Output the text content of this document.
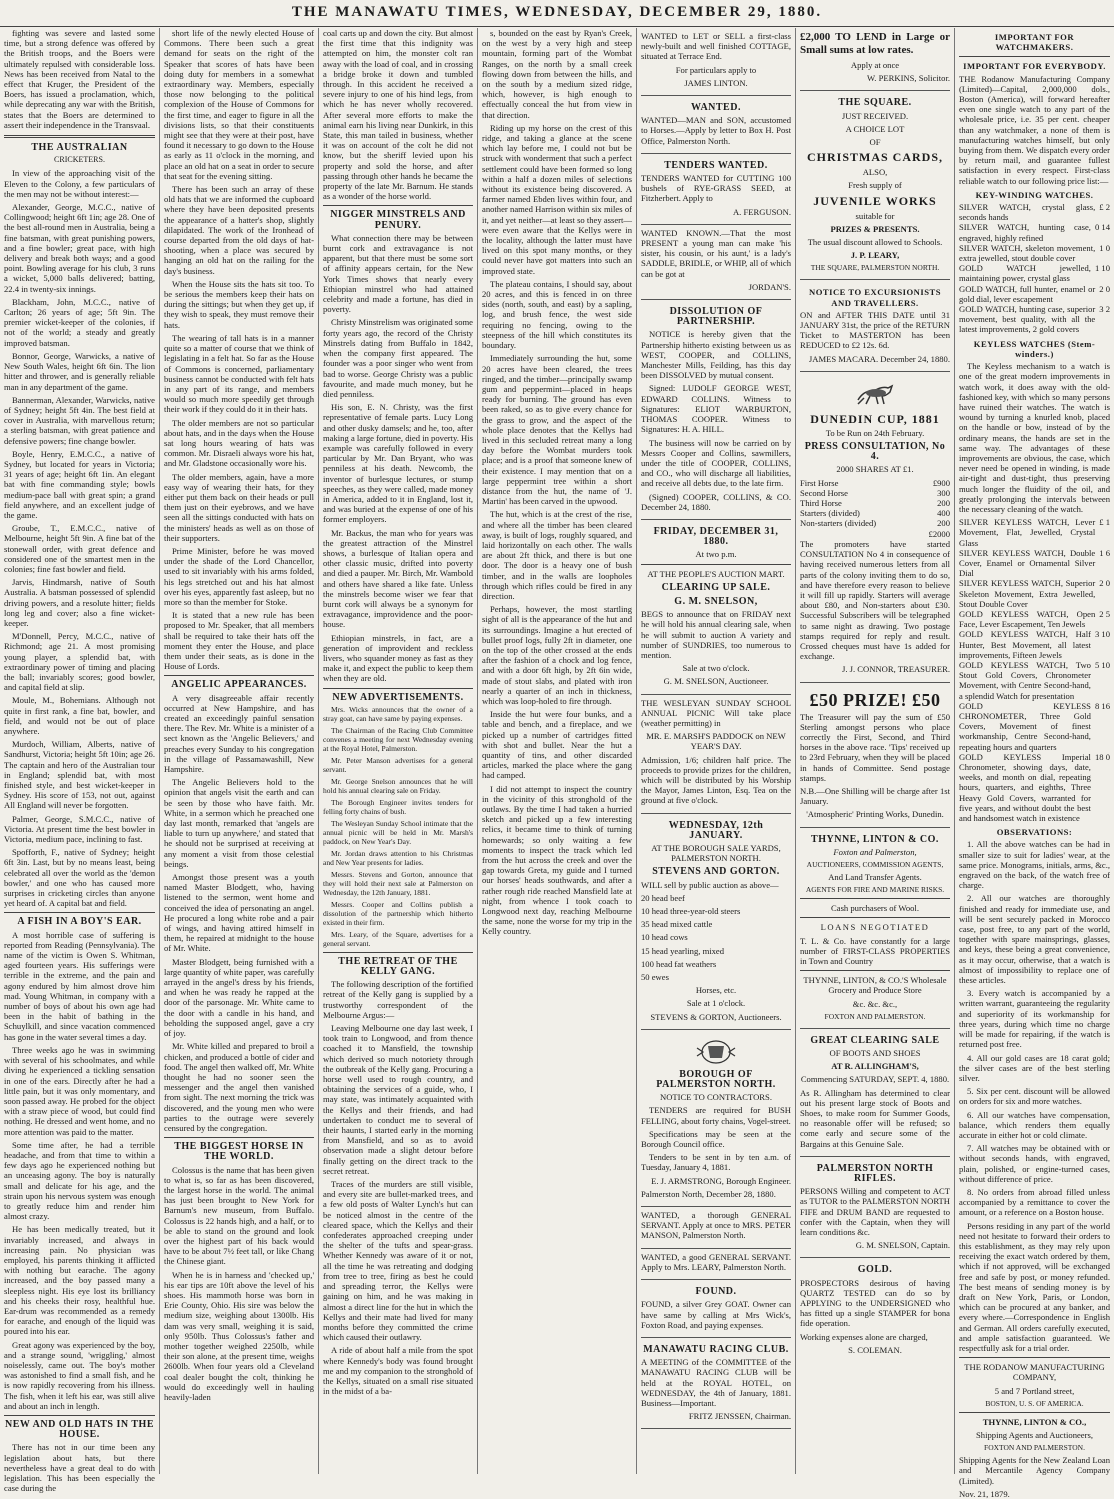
THE MANAWATU TIMES, WEDNESDAY, DECEMBER 29, 1880.

fighting was severe and lasted some time, but a strong defence was offered by the British troops, and the Boers were ultimately repulsed with considerable loss. News has been received from Natal to the effect that Kruger, the President of the Boers, has issued a proclamation, which, while deprecating any war with the British, states that the Boers are determined to assert their independence in the Transvaal.

THE AUSTRALIAN
CRICKETERS.

In view of the approaching visit of the Eleven to the Colony, a few particulars of the men may not be without interest:—

Alexander, George, M.C.C., native of Collingwood; height 6ft 1in; age 28. One of the best all-round men in Australia, being a fine batsman, with great punishing powers, and a fine bowler; great pace, with high delivery and break both ways; and a good point. Bowling average for his club, 3 runs a wicket, 5,000 balls delivered; batting, 22.4 in twenty-six innings.

Blackham, John, M.C.C., native of Carlton; 26 years of age; 5ft 9in. The premier wicket-keeper of the colonies, if not of the world; a steady and greatly improved batsman.

Bonnor, George, Warwicks, a native of New South Wales, height 6ft 6in. The lion hitter and thrower, and is generally reliable man in any department of the game.

Bannerman, Alexander, Warwicks, native of Sydney; height 5ft 4in. The best field at cover in Australia, with marvellous return; a sterling batsman, with great patience and defensive powers; fine change bowler.

Boyle, Henry, E.M.C.C., a native of Sydney, but located for years in Victoria; 31 years of age; height 6ft 1in. An elegant bat with fine commanding style; bowls medium-pace ball with great spin; a grand field anywhere, and an excellent judge of the game.

Groube, T., E.M.C.C., native of Melbourne, height 5ft 9in. A fine bat of the stonewall order, with great defence and considered one of the smartest men in the colonies; fine fast bowler and field.

Jarvis, Hindmarsh, native of South Australia. A batsman possessed of splendid driving powers, and a resolute hitter; fields long leg and cover; also a fine wicket-keeper.

M'Donnell, Percy, M.C.C., native of Richmond; age 21. A most promising young player, a splendid bat, with extraordinary power of timing and placing the ball; invariably scores; good bowler, and capital field at slip.

Moule, M., Bohemians. Although not quite in first rank, a fine bat, bowler, and field, and would not be out of place anywhere.

Murdoch, William, Alberts, native of Sandhurst, Victoria; height 5ft 10in; age 26. The captain and hero of the Australian tour in England; splendid bat, with most finished style, and best wicket-keeper in Sydney. His score of 153, not out, against All England will never be forgotten.

Palmer, George, S.M.C.C., native of Victoria. At present time the best bowler in Victoria, medium pace, inclining to fast.

Spofforth, F., native of Sydney; height 6ft 3in. Last, but by no means least, being celebrated all over the world as the 'demon bowler,' and one who has caused more surprises in cricketing circles than anyone yet heard of. A capital bat and field.

A FISH IN A BOY'S EAR.

A most horrible case of suffering is reported from Reading (Pennsylvania). The name of the victim is Owen S. Whitman, aged fourteen years. His sufferings were terrible in the extreme, and the pain and agony endured by him almost drove him mad. Young Whitman, in company with a number of boys of about his own age had been in the habit of bathing in the Schuylkill, and since vacation commenced has gone in the water several times a day.

Three weeks ago he was in swimming with several of his schoolmates, and while diving he experienced a tickling sensation in one of the ears. Directly after he had a little pain, but it was only momentary, and soon passed away. He probed for the object with a straw piece of wood, but could find nothing. He dressed and went home, and no more attention was paid to the matter.

Some time after, he had a terrible headache, and from that time to within a few days ago he experienced nothing but an unceasing agony. The boy is naturally small and delicate for his age, and the strain upon his nervous system was enough to greatly reduce him and render him almost crazy.

He has been medically treated, but it invariably increased, and always in increasing pain. No physician was employed, his parents thinking it afflicted with nothing but earache. The agony increased, and the boy passed many a sleepless night. His eye lost its brilliancy and his cheeks their rosy, healthful hue. Ear-drum was recommended as a remedy for earache, and enough of the liquid was poured into his ear.

Great agony was experienced by the boy, and a strange sound, 'wriggling,' almost noiselessly, came out. The boy's mother was astonished to find a small fish, and he is now rapidly recovering from his illness. The fish, when it left his ear, was still alive and about an inch in length.

NEW AND OLD HATS IN THE HOUSE.

There has not in our time been any legislation about hats, but there nevertheless have a great deal to do with legislation. This has been especially the case during the

short life of the newly elected House of Commons. There been such a great demand for seats on the right of the Speaker that scores of hats have been doing duty for members in a somewhat extraordinary way. Members, especially those now belonging to the political complexion of the House of Commons for the first time, and eager to figure in all the divisions lists, so that their constituents might see that they were at their post, have found it necessary to go down to the House as early as 11 o'clock in the morning, and place an old hat on a seat in order to secure that seat for the evening sitting.

There has been such an array of these old hats that we are informed the cupboard where they have been deposited presents the appearance of a hatter's shop, slightly dilapidated. The work of the Ironhead of course departed from the old days of hat-shooting, when a place was secured by hanging an old hat on the railing for the day's business.

When the House sits the hats sit too. To be serious the members keep their hats on during the sittings; but when they get up, if they wish to speak, they must remove their hats.

The wearing of tall hats is in a manner quite so a matter of course that we think of legislating in a felt hat. So far as the House of Commons is concerned, parliamentary business cannot be conducted with felt hats in any part of its range, and members would so much more speedily get through their work if they could do it in their hats.

The older members are not so particular about hats, and in the days when the House sat long hours wearing of hats was common. Mr. Disraeli always wore his hat, and Mr. Gladstone occasionally wore his.

The older members, again, have a more easy way of wearing their hats, for they either put them back on their heads or pull them just on their eyebrows, and we have seen all the sittings conducted with hats on the ministers' heads as well as on those of their supporters.

Prime Minister, before he was moved under the shade of the Lord Chancellor, used to sit invariably with his arms folded, his legs stretched out and his hat almost over his eyes, apparently fast asleep, but no more so than the member for Stoke.

It is stated that a new rule has been proposed to Mr. Speaker, that all members shall be required to take their hats off the moment they enter the House, and place them under their seats, as is done in the House of Lords.

ANGELIC APPEARANCES.

A very disagreeable affair recently occurred at New Hampshire, and has created an exceedingly painful sensation there. The Rev. Mr. White is a minister of a sect known as the 'Angelic Believers,' and preaches every Sunday to his congregation in the village of Passamawashill, New Hampshire.

The Angelic Believers hold to the opinion that angels visit the earth and can be seen by those who have faith. Mr. White, in a sermon which he preached one day last month, remarked that 'angels are liable to turn up anywhere,' and stated that he should not be surprised at receiving at any moment a visit from those celestial beings.

Amongst those present was a youth named Master Blodgett, who, having listened to the sermon, went home and conceived the idea of personating an angel. He procured a long white robe and a pair of wings, and having attired himself in them, he repaired at midnight to the house of Mr. White.

Master Blodgett, being furnished with a large quantity of white paper, was carefully arrayed in the angel's dress by his friends, and when he was ready he rapped at the door of the parsonage. Mr. White came to the door with a candle in his hand, and beholding the supposed angel, gave a cry of joy.

Mr. White killed and prepared to broil a chicken, and produced a bottle of cider and food. The angel then walked off, Mr. White thought he had no sooner seen the messenger and the angel then vanished from sight. The next morning the trick was discovered, and the young men who were parties to the outrage were severely censured by the congregation.

THE BIGGEST HORSE IN THE WORLD.

Colossus is the name that has been given to what is, so far as has been discovered, the largest horse in the world. The animal has just been brought to New York for Barnum's new museum, from Buffalo. Colossus is 22 hands high, and a half, or to be able to stand on the ground and look over the highest part of his back would have to be about 7½ feet tall, or like Chang the Chinese giant.

When he is in harness and 'checked up,' his ear tips are 10ft above the level of his shoes. His mammoth horse was born in Erie County, Ohio. His sire was below the medium size, weighing about 1300lb. His dam was very small, weighing it is said, only 950lb. Thus Colossus's father and mother together weighed 2250lb, while their son alone, at the present time, weighs 2600lb. When four years old a Cleveland coal dealer bought the colt, thinking he would do exceedingly well in hauling heavily-laden

coal carts up and down the city. But almost the first time that this indignity was attempted on him, the monster colt ran away with the load of coal, and in crossing a bridge broke it down and tumbled through. In this accident he received a severe injury to one of his hind legs, from which he has never wholly recovered. After several more efforts to make the animal earn his living near Dunkirk, in this State, this man tailed in business, whether it was on account of the colt he did not know, but the sheriff levied upon his property and sold the horse, and after passing through other hands he became the property of the late Mr. Barnum. He stands as a wonder of the horse world.

NIGGER MINSTRELS AND PENURY.

What connection there may be between burnt cork and extravagance is not apparent, but that there must be some sort of affinity appears certain, for the New York Times shows that nearly every Ethiopian minstrel who had attained celebrity and made a fortune, has died in poverty.

Christy Minstrelism was originated some forty years ago, the record of the Christy Minstrels dating from Buffalo in 1842, when the company first appeared. The founder was a poor singer who went from bad to worse. George Christy was a public favourite, and made much money, but he died penniless.

His son, E. N. Christy, was the first representative of female parts. Lucy Long and other dusky damsels; and he, too, after making a large fortune, died in poverty. His example was carefully followed in every particular by Mr. Dan Bryant, who was penniless at his death. Newcomb, the inventor of burlesque lectures, or stump speeches, as they were called, made money in America, added to it in England, lost it, and was buried at the expense of one of his former employers.

Mr. Backus, the man who for years was the greatest attraction of the Minstrel shows, a burlesque of Italian opera and other classic music, drifted into poverty and died a pauper. Mr. Birch, Mr. Wambold and others have shared a like fate. Unless the minstrels become wiser we fear that burnt cork will always be a synonym for extravagance, improvidence and the poor-house.

Ethiopian minstrels, in fact, are a generation of improvident and reckless livers, who squander money as fast as they make it, and expect the public to keep them when they are old.

NEW ADVERTISEMENTS.

Mrs. Wicks announces that the owner of a stray goat, can have same by paying expenses.

The Chairman of the Racing Club Committee convenes a meeting for next Wednesday evening at the Royal Hotel, Palmerston.

Mr. Peter Manson advertises for a general servant.

Mr. George Snelson announces that he will hold his annual clearing sale on Friday.

The Borough Engineer invites tenders for felling forty chains of bush.

The Wesleyan Sunday School intimate that the annual picnic will be held in Mr. Marsh's paddock, on New Year's Day.

Mr. Jordan draws attention to his Christmas and New Year presents for ladies.

Messrs. Stevens and Gorton, announce that they will hold their next sale at Palmerston on Wednesday, the 12th January, 1881.

Messrs. Cooper and Collins publish a dissolution of the partnership which hitherto existed in their firm.

Mrs. Leary, of the Square, advertises for a general servant.

THE RETREAT OF THE KELLY GANG.

The following description of the fortified retreat of the Kelly gang is supplied by a trustworthy correspondent of the Melbourne Argus:—

Leaving Melbourne one day last week, I took train to Longwood, and from thence coached it to Mansfield, the township which derived so much notoriety through the outbreak of the Kelly gang. Procuring a horse well used to rough country, and obtaining the services of a guide, who, I may state, was intimately acquainted with the Kellys and their friends, and had undertaken to conduct me to several of their haunts, I started early in the morning from Mansfield, and so as to avoid observation made a slight detour before finally getting on the direct track to the secret retreat.

Traces of the murders are still visible, and every site are bullet-marked trees, and a few old posts of Walter Lynch's hut can be noticed almost in the centre of the cleared space, which the Kellys and their confederates approached creeping under the shelter of the tufts and spear-grass. Whether Kennedy was aware of it or not, all the time he was retreating and dodging from tree to tree, firing as best he could and spreading terror, the Kellys were gaining on him, and he was making in almost a direct line for the hut in which the Kellys and their mate had lived for many months before they committed the crime which caused their outlawry.

A ride of about half a mile from the spot where Kennedy's body was found brought me and my companion to the stronghold of the Kellys, situated on a small rise situated in the midst of a ba-

s, bounded on the east by Ryan's Creek, on the west by a very high and steep mountain, forming part of the Wombat Ranges, on the north by a small creek flowing down from between the hills, and on the south by a medium sized ridge, which, however, is high enough to effectually conceal the hut from view in that direction.

Riding up my horse on the crest of this ridge, and taking a glance at the scene which lay before me, I could not but be struck with wonderment that such a perfect settlement could have been formed so long within a half a dozen miles of selections without its existence being discovered. A farmer named Ebden lives within four, and another named Harrison within six miles of it, and yet neither—at least so they assert—were even aware that the Kellys were in the locality, although the latter must have lived on this spot many months, or they could never have got matters into such an improved state.

The plateau contains, I should say, about 20 acres, and this is fenced in on three sides (north, south, and east) by a sapling, log, and brush fence, the west side requiring no fencing, owing to the steepness of the hill which constitutes its boundary.

Immediately surrounding the hut, some 20 acres have been cleared, the trees ringed, and the timber—principally swamp gum and peppermint—placed in heaps ready for burning. The ground has even been raked, so as to give every chance for the grass to grow, and the aspect of the whole place denotes that the Kellys had lived in this secluded retreat many a long day before the Wombat murders took place; and is a proof that someone knew of their existence. I may mention that on a large peppermint tree within a short distance from the hut, the name of 'J. Martin' has been carved in the upwood.

The hut, which is at the crest of the rise, and where all the timber has been cleared away, is built of logs, roughly squared, and laid horizontally on each other. The walls are about 2ft thick, and there is but one door. The door is a heavy one of bush timber, and in the walls are loopholes through which rifles could be fired in any direction.

Perhaps, however, the most startling sight of all is the appearance of the hut and its surroundings. Imagine a hut erected of bullet proof logs, fully 2ft in diameter, one on the top of the other crossed at the ends after the fashion of a chock and log fence, and with a door 6ft high, by 2ft 6in wide, made of stout slabs, and plated with iron nearly a quarter of an inch in thickness, which was loop-holed to fire through.

Inside the hut were four bunks, and a table and bench, and a fireplace, and we picked up a number of cartridges fitted with shot and bullet. Near the hut a quantity of tins, and other discarded articles, marked the place where the gang had camped.

I did not attempt to inspect the country in the vicinity of this stronghold of the outlaws. By the time I had taken a hurried sketch and picked up a few interesting relics, it became time to think of turning homewards; so only waiting a few moments to inspect the track which led from the hut across the creek and over the gap towards Greta, my guide and I turned our horses' heads southwards, and after a rather rough ride reached Mansfield late at night, from whence I took coach to Longwood next day, reaching Melbourne the same, none the worse for my trip in the Kelly country.

WANTED to LET or SELL a first-class newly-built and well finished COTTAGE, situated at Terrace End.

For particulars apply to

JAMES LINTON.

WANTED.

WANTED—MAN and SON, accustomed to Horses.—Apply by letter to Box H. Post Office, Palmerston North.

TENDERS WANTED.

TENDERS WANTED for CUTTING 100 bushels of RYE-GRASS SEED, at Fitzherbert. Apply to

A. FERGUSON.

WANTED KNOWN.—That the most PRESENT a young man can make 'his sister, his cousin, or his aunt,' is a lady's SADDLE, BRIDLE, or WHIP, all of which can be got at

JORDAN'S.

DISSOLUTION OF PARTNERSHIP.

NOTICE is hereby given that the Partnership hitherto existing between us as WEST, COOPER, and COLLINS, Manchester Mills, Feilding, has this day been DISSOLVED by mutual consent.

Signed: LUDOLF GEORGE WEST, EDWARD COLLINS. Witness to Signatures: ELIOT WARBURTON, THOMAS COOPER. Witness to Signatures: H. A. HILL.

The business will now be carried on by Messrs Cooper and Collins, sawmillers, under the title of COOPER, COLLINS, and CO., who will discharge all liabilities, and receive all debts due, to the late firm.

(Signed) COOPER, COLLINS, & CO. December 24, 1880.

FRIDAY, DECEMBER 31, 1880.

At two p.m.

AT THE PEOPLE'S AUCTION MART.

CLEARING UP SALE.
G. M. SNELSON,

BEGS to announce that on FRIDAY next he will hold his annual clearing sale, when he will submit to auction A variety and number of SUNDRIES, too numerous to mention.

Sale at two o'clock.

G. M. SNELSON, Auctioneer.

THE WESLEYAN SUNDAY SCHOOL ANNUAL PICNIC Will take place (weather permitting) in

MR. E. MARSH'S PADDOCK on NEW YEAR'S DAY.

Admission, 1/6; children half price. The proceeds to provide prizes for the children, which will be distributed by his Worship the Mayor, James Linton, Esq. Tea on the ground at five o'clock.

WEDNESDAY, 12th JANUARY.

AT THE BOROUGH SALE YARDS, PALMERSTON NORTH.

STEVENS AND GORTON.

WILL sell by public auction as above—

20 head beef

10 head three-year-old steers

35 head mixed cattle

10 head cows

15 head yearling, mixed

100 head fat weathers

50 ewes

Horses, etc.

Sale at 1 o'clock.

STEVENS & GORTON, Auctioneers.

BOROUGH OF PALMERSTON NORTH.

NOTICE TO CONTRACTORS.

TENDERS are required for BUSH FELLING, about forty chains, Vogel-street.

Specifications may be seen at the Borough Council office.

Tenders to be sent in by ten a.m. of Tuesday, January 4, 1881.

E. J. ARMSTRONG, Borough Engineer.

Palmerston North, December 28, 1880.

WANTED, a thorough GENERAL SERVANT. Apply at once to MRS. PETER MANSON, Palmerston North.

WANTED, a good GENERAL SERVANT. Apply to Mrs. LEARY, Palmerston North.

FOUND.

FOUND, a silver Grey GOAT. Owner can have same by calling at Mrs Wick's, Foxton Road, and paying expenses.

MANAWATU RACING CLUB.

A MEETING of the COMMITTEE of the MANAWATU RACING CLUB will be held at the ROYAL HOTEL, on WEDNESDAY, the 4th of January, 1881. Business—Important.

FRITZ JENSSEN, Chairman.

£2,000 TO LEND in Large or Small sums at low rates.

Apply at once

W. PERKINS, Solicitor.

THE SQUARE.

JUST RECEIVED.

A CHOICE LOT

OF

CHRISTMAS CARDS,

ALSO,

Fresh supply of

JUVENILE WORKS

suitable for

PRIZES & PRESENTS.

The usual discount allowed to Schools.

J. P. LEARY,

THE SQUARE, PALMERSTON NORTH.

NOTICE TO EXCURSIONISTS AND TRAVELLERS.

ON and AFTER THIS DATE until 31 JANUARY 31st, the price of the RETURN Ticket to MASTERTON has been REDUCED to £2 12s. 6d.

JAMES MACARA. December 24, 1880.

DUNEDIN CUP, 1881

To be Run on 24th February.

PRESS CONSULTATION, No 4.

2000 SHARES AT £1.

First Horse	£900
Second Horse	300
Third Horse	200
Starters (divided)	400
Non-starters (divided)	200
£2000

The promoters have started CONSULTATION No 4 in consequence of having received numerous letters from all parts of the colony inviting them to do so, and have therefore every reason to believe it will fill up rapidly. Starters will average about £80, and Non-starters about £30. Successful Subscribers will be telegraphed to same night as drawing. Two postage stamps required for reply and result. Crossed cheques must have 1s added for exchange.

J. J. CONNOR, TREASURER.

£50 PRIZE! £50

The Treasurer will pay the sum of £50 Sterling amongst persons who place correctly the First, Second, and Third horses in the above race. 'Tips' received up to 23rd February, when they will be placed in hands of Committee. Send postage stamps.

N.B.—One Shilling will be charge after 1st January.

'Atmospheric' Printing Works, Dunedin.

THYNNE, LINTON & CO.

Foxton and Palmerston,

AUCTIONEERS, COMMISSION AGENTS,

And Land Transfer Agents.

AGENTS FOR FIRE AND MARINE RISKS.

Cash purchasers of Wool.

LOANS NEGOTIATED

T. L. & Co. have constantly for a large number of FIRST-CLASS PROPERTIES in Town and Country

THYNNE, LINTON, & CO.'S Wholesale Grocery and Produce Store

&c. &c. &c.,

FOXTON AND PALMERSTON.

GREAT CLEARING SALE

OF BOOTS AND SHOES

AT R. ALLINGHAM'S,

Commencing SATURDAY, SEPT. 4, 1880.

As R. Allingham has determined to clear out his present large stock of Boots and Shoes, to make room for Summer Goods, no reasonable offer will be refused; so come early and secure some of the Bargains at this Genuine Sale.

PALMERSTON NORTH RIFLES.

PERSONS Willing and competent to ACT as TUTOR to the PALMERSTON NORTH FIFE and DRUM BAND are requested to confer with the Captain, when they will learn conditions &c.

G. M. SNELSON, Captain.

GOLD.

PROSPECTORS desirous of having QUARTZ TESTED can do so by APPLYING to the UNDERSIGNED who has fitted up a single STAMPER for bona fide operation.

Working expenses alone are charged,

S. COLEMAN.

IMPORTANT FOR WATCHMAKERS.
IMPORTANT FOR EVERYBODY.

THE Rodanow Manufacturing Company (Limited)—Capital, 2,000,000 dols., Boston (America), will forward hereafter even one single watch to any part of the wholesale price, i.e. 35 per cent. cheaper than any watchmaker, a none of them is manufacturing watches himself, but only buying from them. We dispatch every order by return mail, and guarantee fullest satisfaction in every respect. First-class reliable watch to our following price list:—

KEY-WINDING WATCHES.
SILVER WATCH, crystal glass, seconds hands
£ 2
SILVER WATCH, hunting case, engraved, highly refined
0 14
SILVER WATCH, skeleton movement, extra jewelled, stout double cover
1 0
GOLD WATCH jewelled, maintaining power, crystal glass
1 10
GOLD WATCH, full hunter, enamel or gold dial, lever escapement
2 0
GOLD WATCH, hunting case, superior movement, best quality, with all the latest improvements, 2 gold covers
3 2
KEYLESS WATCHES (Stem-winders.)

The Keyless mechanism to a watch is one of the great modern improvements in watch work, it does away with the old-fashioned key, with which so many persons have ruined their watches. The watch is wound by turning a knurled knob, placed on the handle or bow, instead of by the ordinary means, the hands are set in the same way. The advantages of these improvements are obvious, the case, which never need be opened in winding, is made air-tight and dust-tight, thus preserving much longer the fluidity of the oil, and greatly prolonging the intervals between the necessary cleaning of the watch.

SILVER KEYLESS WATCH, Lever Movement, Flat, Jewelled, Crystal Glass
£ 1
SILVER KEYLESS WATCH, Double Cover, Enamel or Ornamental Silver Dial
1 6
SILVER KEYLESS WATCH, Superior Skeleton Movement, Extra Jewelled, Stout Double Cover
2 0
GOLD KEYLESS WATCH, Open Face, Lever Escapement, Ten Jewels
2 5
GOLD KEYLESS WATCH, Half Hunter, Best Movement, all latest improvements, Fifteen Jewels
3 10
GOLD KEYLESS WATCH, Two Stout Gold Covers, Chronometer Movement, with Centre Second-hand, a splendid Watch for presentation
5 10
GOLD KEYLESS CHRONOMETER, Three Gold Covers, Movement of finest workmanship, Centre Second-hand, repeating hours and quarters
8 16
GOLD KEYLESS Imperial Chronometer, showing days, date, weeks, and month on dial, repeating hours, quarters, and eighths, Three Heavy Gold Covers, warranted for five years, and without doubt the best and handsomest watch in existence
18 0
OBSERVATIONS:

1. All the above watches can be had in smaller size to suit for ladies' wear, at the same price. Monograms, initials, arms, &c., engraved on the back, of the watch free of charge.

2. All our watches are thoroughly finished and ready for immediate use, and will be sent securely packed in Morocco case, post free, to any part of the world, together with spare mainsprings, glasses, and keys, these being a great convenience, as it may occur, otherwise, that a watch is almost of impossibility to replace one of these articles.

3. Every watch is accompanied by a written warrant, guaranteeing the regularity and superiority of its workmanship for three years, during which time no charge will be made for repairing, if the watch is returned post free.

4. All our gold cases are 18 carat gold; the silver cases are of the best sterling silver.

5. Six per cent. discount will be allowed on orders for six and more watches.

6. All our watches have compensation, balance, which renders them equally accurate in either hot or cold climate.

7. All watches may be obtained with or without seconds hands, with engraved, plain, polished, or engine-turned cases, without difference of price.

8. No orders from abroad filled unless accompanied by a remittance to cover the amount, or a reference on a Boston house.

Persons residing in any part of the world need not hesitate to forward their orders to this establishment, as they may rely upon receiving the exact watch ordered by them, which if not approved, will be exchanged free and safe by post, or money refunded. The best means of sending money is by draft on New York, Paris, or London, which can be procured at any banker, and every where.—Correspondence in English and German. All orders carefully executed, and ample satisfaction guaranteed. We respectfully ask for a trial order.

THE RODANOW MANUFACTURING COMPANY,

5 and 7 Portland street,

BOSTON, U. S. OF AMERICA.

THYNNE, LINTON & CO.,

Shipping Agents and Auctioneers,

FOXTON AND PALMERSTON.

Shipping Agents for the New Zealand Loan and Mercantile Agency Company (Limited).

Nov. 21, 1879.
